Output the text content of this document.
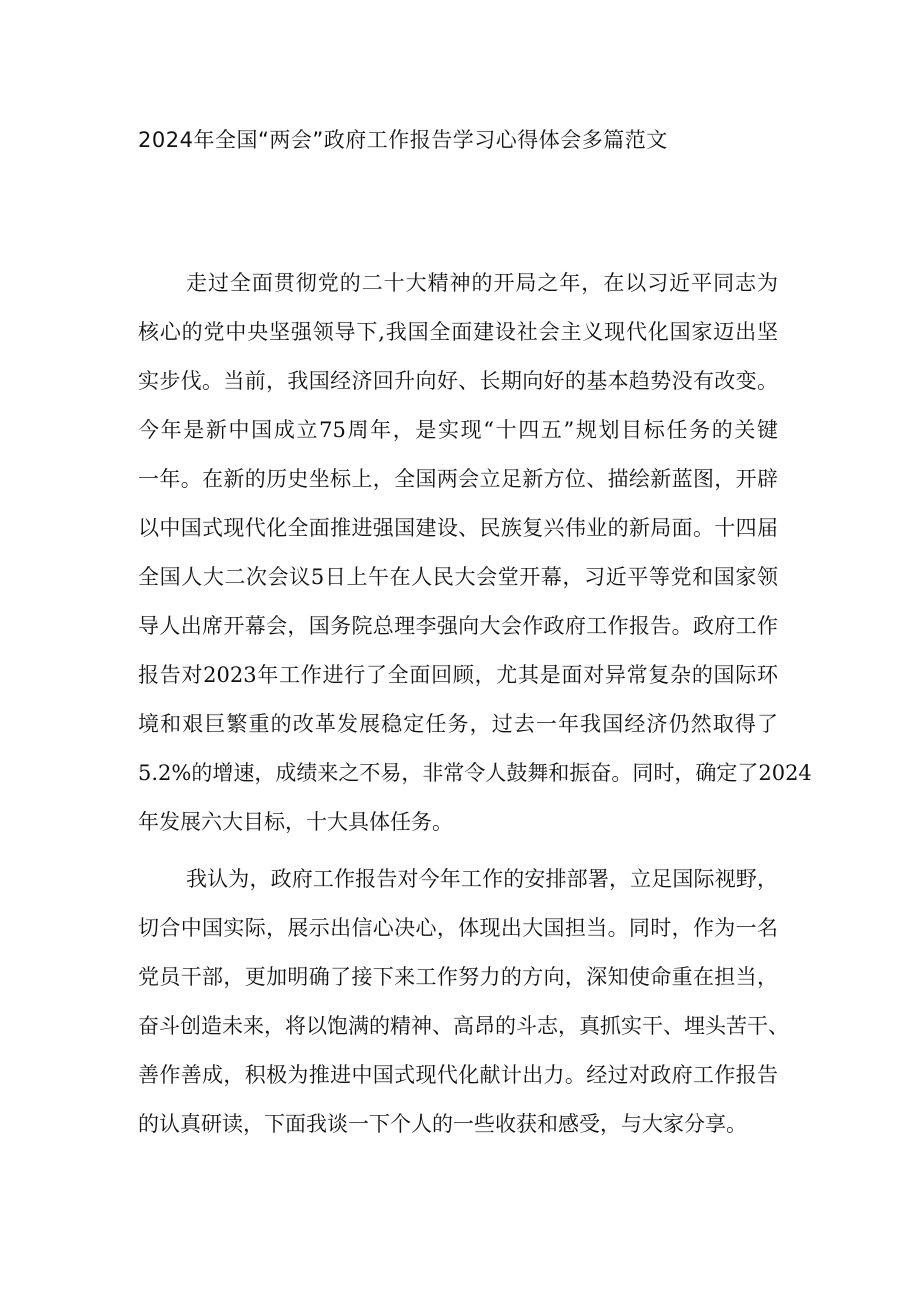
2024年全国“两会”政府工作报告学习心得体会多篇范文
走过全面贯彻党的二十大精神的开局之年，在以习近平同志为
核心的党中央坚强领导下,我国全面建设社会主义现代化国家迈出坚
实步伐。当前，我国经济回升向好、长期向好的基本趋势没有改变。
今年是新中国成立75周年，是实现“十四五”规划目标任务的关键
一年。在新的历史坐标上，全国两会立足新方位、描绘新蓝图，开辟
以中国式现代化全面推进强国建设、民族复兴伟业的新局面。十四届
全国人大二次会议5日上午在人民大会堂开幕，习近平等党和国家领
导人出席开幕会，国务院总理李强向大会作政府工作报告。政府工作
报告对2023年工作进行了全面回顾，尤其是面对异常复杂的国际环
境和艰巨繁重的改革发展稳定任务，过去一年我国经济仍然取得了
5.2%的增速，成绩来之不易，非常令人鼓舞和振奋。同时，确定了2024
年发展六大目标，十大具体任务。
我认为，政府工作报告对今年工作的安排部署，立足国际视野，
切合中国实际，展示出信心决心，体现出大国担当。同时，作为一名
党员干部，更加明确了接下来工作努力的方向，深知使命重在担当，
奋斗创造未来，将以饱满的精神、高昂的斗志，真抓实干、埋头苦干、
善作善成，积极为推进中国式现代化献计出力。经过对政府工作报告
的认真研读，下面我谈一下个人的一些收获和感受，与大家分享。
